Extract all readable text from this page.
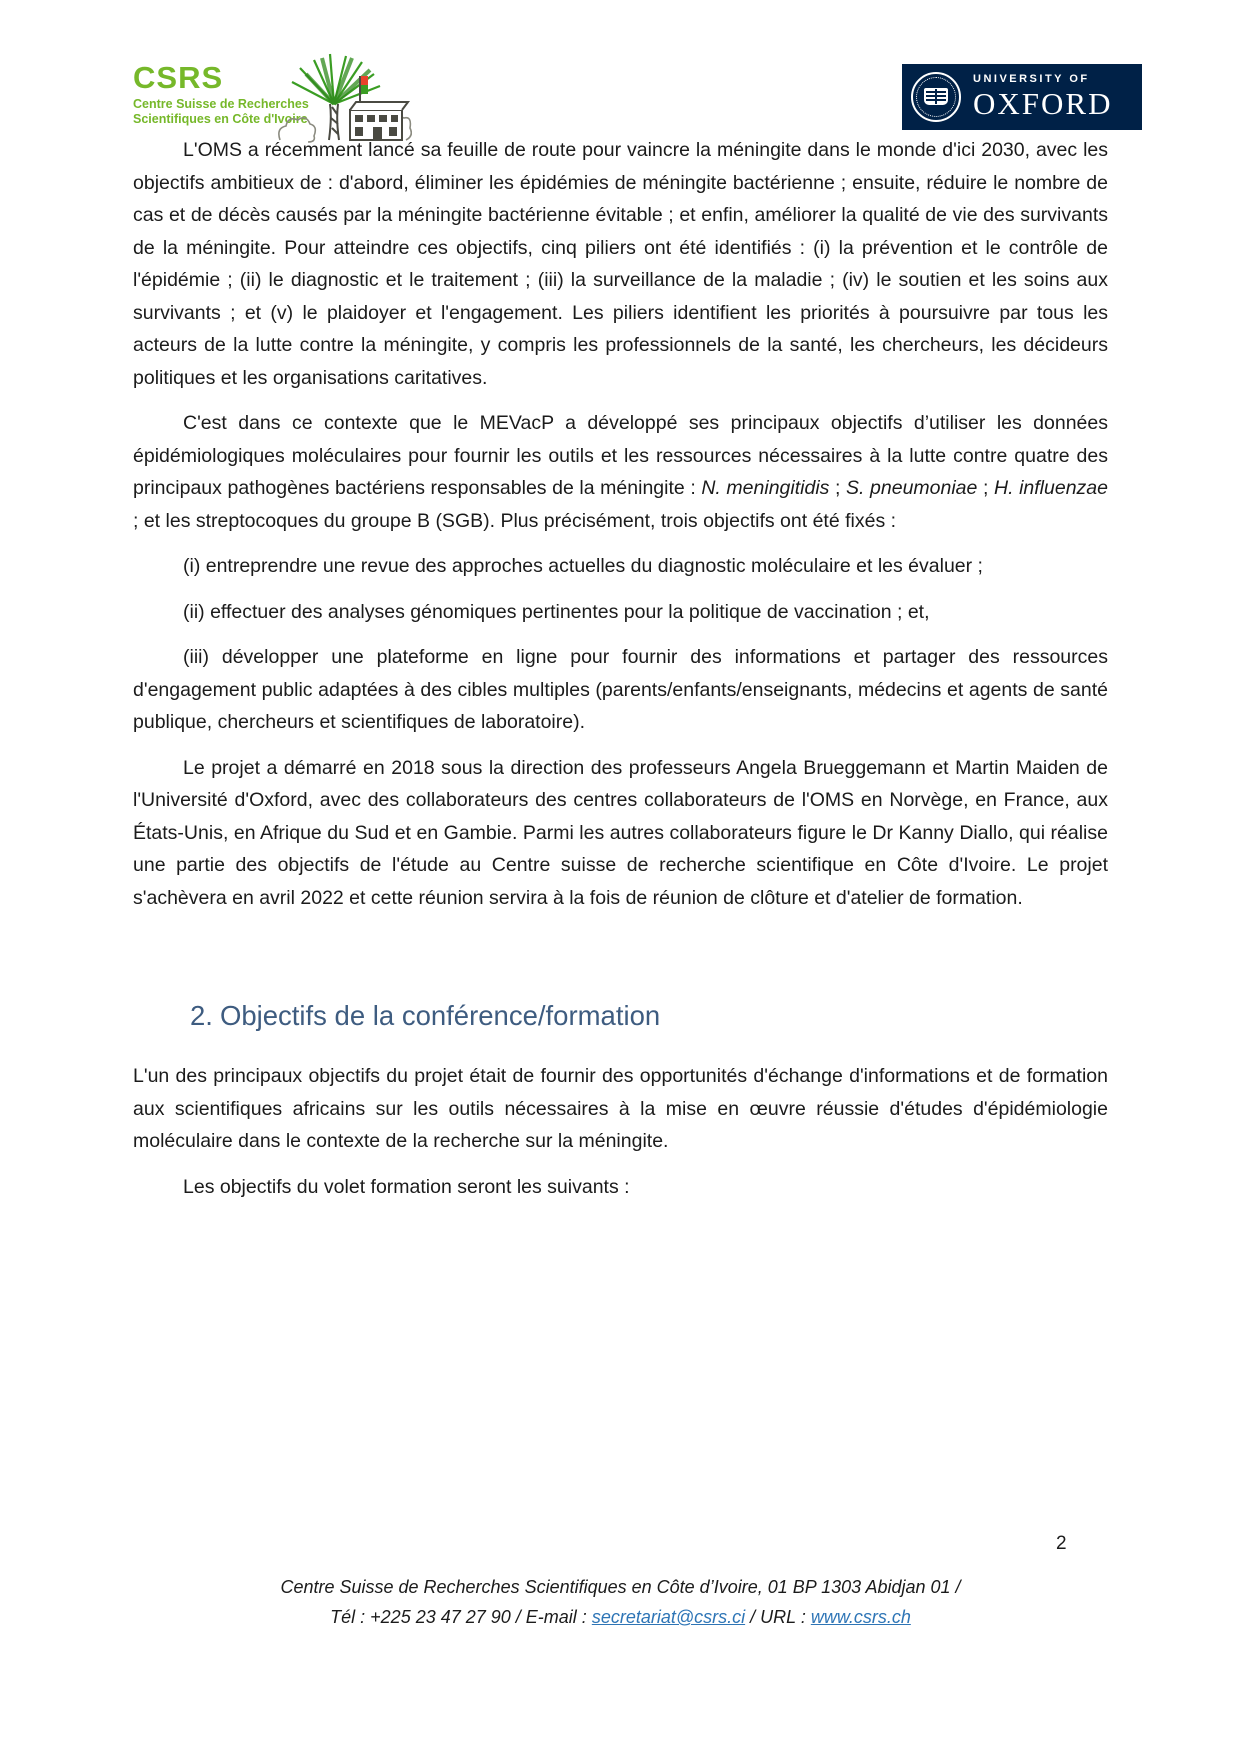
CSRS
Centre Suisse de Recherches
Scientifiques en Côte d'Ivoire
UNIVERSITY OF
OXFORD

L'OMS a récemment lancé sa feuille de route pour vaincre la méningite dans le monde d'ici 2030, avec les objectifs ambitieux de : d'abord, éliminer les épidémies de méningite bactérienne ; ensuite, réduire le nombre de cas et de décès causés par la méningite bactérienne évitable ; et enfin, améliorer la qualité de vie des survivants de la méningite. Pour atteindre ces objectifs, cinq piliers ont été identifiés : (i) la prévention et le contrôle de l'épidémie ; (ii) le diagnostic et le traitement ; (iii) la surveillance de la maladie ; (iv) le soutien et les soins aux survivants ; et (v) le plaidoyer et l'engagement. Les piliers identifient les priorités à poursuivre par tous les acteurs de la lutte contre la méningite, y compris les professionnels de la santé, les chercheurs, les décideurs politiques et les organisations caritatives.

C'est dans ce contexte que le MEVacP a développé ses principaux objectifs d’utiliser les données épidémiologiques moléculaires pour fournir les outils et les ressources nécessaires à la lutte contre quatre des principaux pathogènes bactériens responsables de la méningite : N. meningitidis ; S. pneumoniae ; H. influenzae ; et les streptocoques du groupe B (SGB). Plus précisément, trois objectifs ont été fixés :

(i) entreprendre une revue des approches actuelles du diagnostic moléculaire et les évaluer ;

(ii) effectuer des analyses génomiques pertinentes pour la politique de vaccination ; et,

(iii) développer une plateforme en ligne pour fournir des informations et partager des ressources d'engagement public adaptées à des cibles multiples (parents/enfants/enseignants, médecins et agents de santé publique, chercheurs et scientifiques de laboratoire).

Le projet a démarré en 2018 sous la direction des professeurs Angela Brueggemann et Martin Maiden de l'Université d'Oxford, avec des collaborateurs des centres collaborateurs de l'OMS en Norvège, en France, aux États-Unis, en Afrique du Sud et en Gambie. Parmi les autres collaborateurs figure le Dr Kanny Diallo, qui réalise une partie des objectifs de l'étude au Centre suisse de recherche scientifique en Côte d'Ivoire. Le projet s'achèvera en avril 2022 et cette réunion servira à la fois de réunion de clôture et d'atelier de formation.

2. Objectifs de la conférence/formation

L'un des principaux objectifs du projet était de fournir des opportunités d'échange d'informations et de formation aux scientifiques africains sur les outils nécessaires à la mise en œuvre réussie d'études d'épidémiologie moléculaire dans le contexte de la recherche sur la méningite.

Les objectifs du volet formation seront les suivants :

2
Centre Suisse de Recherches Scientifiques en Côte d’Ivoire, 01 BP 1303 Abidjan 01 /
Tél : +225 23 47 27 90 / E-mail : secretariat@csrs.ci / URL : www.csrs.ch
